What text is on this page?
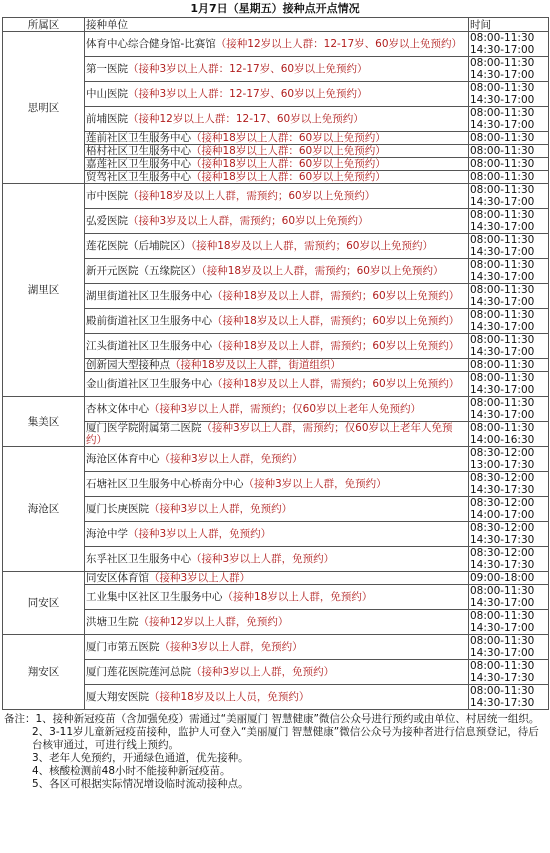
1月7日（星期五）接种点开点情况
所属区	接种单位	时间
思明区	体育中心综合健身馆-比赛馆（接种12岁以上人群：12-17岁、60岁以上免预约）	08:00-11:30
14:30-17:00

	第一医院（接种3岁以上人群：12-17岁、60岁以上免预约）	08:00-11:30
14:30-17:00

	中山医院（接种3岁以上人群：12-17岁、60岁以上免预约）	08:00-11:30
14:30-17:00

	前埔医院（接种12岁以上人群：12-17、60岁以上免预约）	08:00-11:30
14:30-17:00

	莲前社区卫生服务中心（接种18岁以上人群：60岁以上免预约）	08:00-11:30

	梧村社区卫生服务中心（接种18岁以上人群：60岁以上免预约）	08:00-11:30

	嘉莲社区卫生服务中心（接种18岁以上人群：60岁以上免预约）	08:00-11:30

	贸驾社区卫生服务中心（接种18岁以上人群：60岁以上免预约）	08:00-11:30

湖里区	市中医院（接种18岁及以上人群，需预约；60岁以上免预约）	08:00-11:30
14:30-17:00

	弘爱医院（接种3岁及以上人群，需预约；60岁以上免预约）	08:00-11:30
14:30-17:00

	莲花医院（后埔院区）（接种18岁及以上人群，需预约；60岁以上免预约）	08:00-11:30
14:30-17:00

	新开元医院（五缘院区）（接种18岁及以上人群，需预约；60岁以上免预约）	08:00-11:30
14:30-17:00

	湖里街道社区卫生服务中心（接种18岁及以上人群，需预约；60岁以上免预约）	08:00-11:30
14:30-17:00

	殿前街道社区卫生服务中心（接种18岁及以上人群，需预约；60岁以上免预约）	08:00-11:30
14:30-17:00

	江头街道社区卫生服务中心（接种18岁及以上人群，需预约；60岁以上免预约）	08:00-11:30
14:30-17:00

	创新园大型接种点（接种18岁及以上人群，街道组织）	08:00-11:30

	金山街道社区卫生服务中心（接种18岁及以上人群，需预约；60岁以上免预约）	08:00-11:30
14:30-17:00

集美区	杏林文体中心（接种3岁以上人群，需预约；仅60岁以上老年人免预约）	08:00-11:30
14:30-17:00

	厦门医学院附属第二医院（接种3岁以上人群，需预约；仅60岁以上老年人免预约）	08:00-11:30
14:00-16:30

海沧区	海沧区体育中心（接种3岁以上人群，免预约）	08:30-12:00
13:00-17:30

	石塘社区卫生服务中心桥南分中心（接种3岁以上人群，免预约）	08:30-12:00
14:30-17:30

	厦门长庚医院（接种3岁以上人群，免预约）	08:30-12:00
14:00-17:00

	海沧中学（接种3岁以上人群，免预约）	08:30-12:00
14:30-17:30

	东孚社区卫生服务中心（接种3岁以上人群，免预约）	08:30-12:00
14:30-17:30

同安区	同安区体育馆（接种3岁以上人群）	09:00-18:00

	工业集中区社区卫生服务中心（接种18岁以上人群，免预约）	08:00-11:30
14:30-17:00

	洪塘卫生院（接种12岁以上人群，免预约）	08:00-11:30
14:30-17:00

翔安区	厦门市第五医院（接种3岁以上人群，免预约）	08:00-11:30
14:30-17:00

	厦门莲花医院莲河总院（接种3岁以上人群，免预约）	08:00-11:30
14:30-17:30

	厦大翔安医院（接种18岁及以上人员，免预约）	08:00-11:30
14:30-17:30
备注：1、接种新冠疫苗（含加强免疫）需通过“美丽厦门 智慧健康”微信公众号进行预约或由单位、村居统一组织。
2、3-11岁儿童新冠疫苗接种，监护人可登入“美丽厦门 智慧健康”微信公众号为接种者进行信息预登记，待后台核审通过，可进行线上预约。
3、老年人免预约，开通绿色通道，优先接种。
4、核酸检测前48小时不能接种新冠疫苗。
5、各区可根据实际情况增设临时流动接种点。
